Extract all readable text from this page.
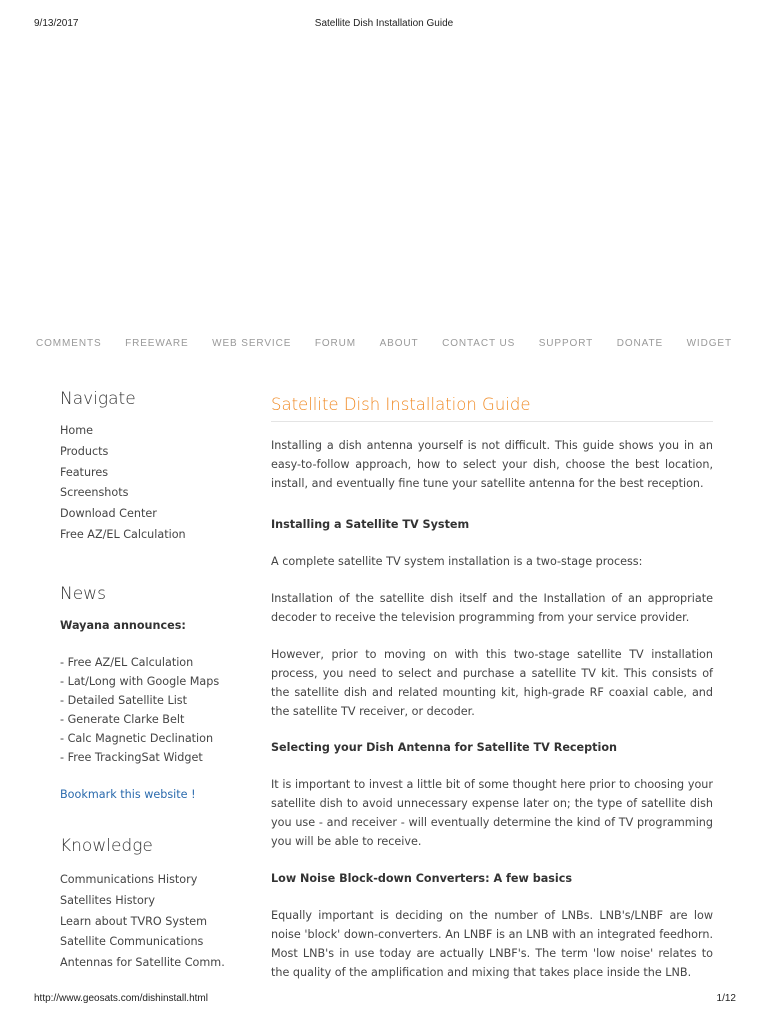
9/13/2017	Satellite Dish Installation Guide
COMMENTS FREEWARE WEB SERVICE FORUM ABOUT CONTACT US SUPPORT DONATE WIDGET
Navigate
Home
Products
Features
Screenshots
Download Center
Free AZ/EL Calculation
News
Wayana announces:
- Free AZ/EL Calculation
- Lat/Long with Google Maps
- Detailed Satellite List
- Generate Clarke Belt
- Calc Magnetic Declination
- Free TrackingSat Widget
Bookmark this website !
Knowledge
Communications History
Satellites History
Learn about TVRO System
Satellite Communications
Antennas for Satellite Comm.
Satellite Dish Installation Guide

Installing a dish antenna yourself is not difficult. This guide shows you in an easy-to-follow approach, how to select your dish, choose the best location, install, and eventually fine tune your satellite antenna for the best reception.

Installing a Satellite TV System

A complete satellite TV system installation is a two-stage process:

Installation of the satellite dish itself and the Installation of an appropriate decoder to receive the television programming from your service provider.

However, prior to moving on with this two-stage satellite TV installation process, you need to select and purchase a satellite TV kit. This consists of the satellite dish and related mounting kit, high-grade RF coaxial cable, and the satellite TV receiver, or decoder.

Selecting your Dish Antenna for Satellite TV Reception

It is important to invest a little bit of some thought here prior to choosing your satellite dish to avoid unnecessary expense later on; the type of satellite dish you use - and receiver - will eventually determine the kind of TV programming you will be able to receive.

Low Noise Block-down Converters: A few basics

Equally important is deciding on the number of LNBs. LNB's/LNBF are low noise 'block' down-converters. An LNBF is an LNB with an integrated feedhorn. Most LNB's in use today are actually LNBF's. The term 'low noise' relates to the quality of the amplification and mixing that takes place inside the LNB.

http://www.geosats.com/dishinstall.html	1/12
